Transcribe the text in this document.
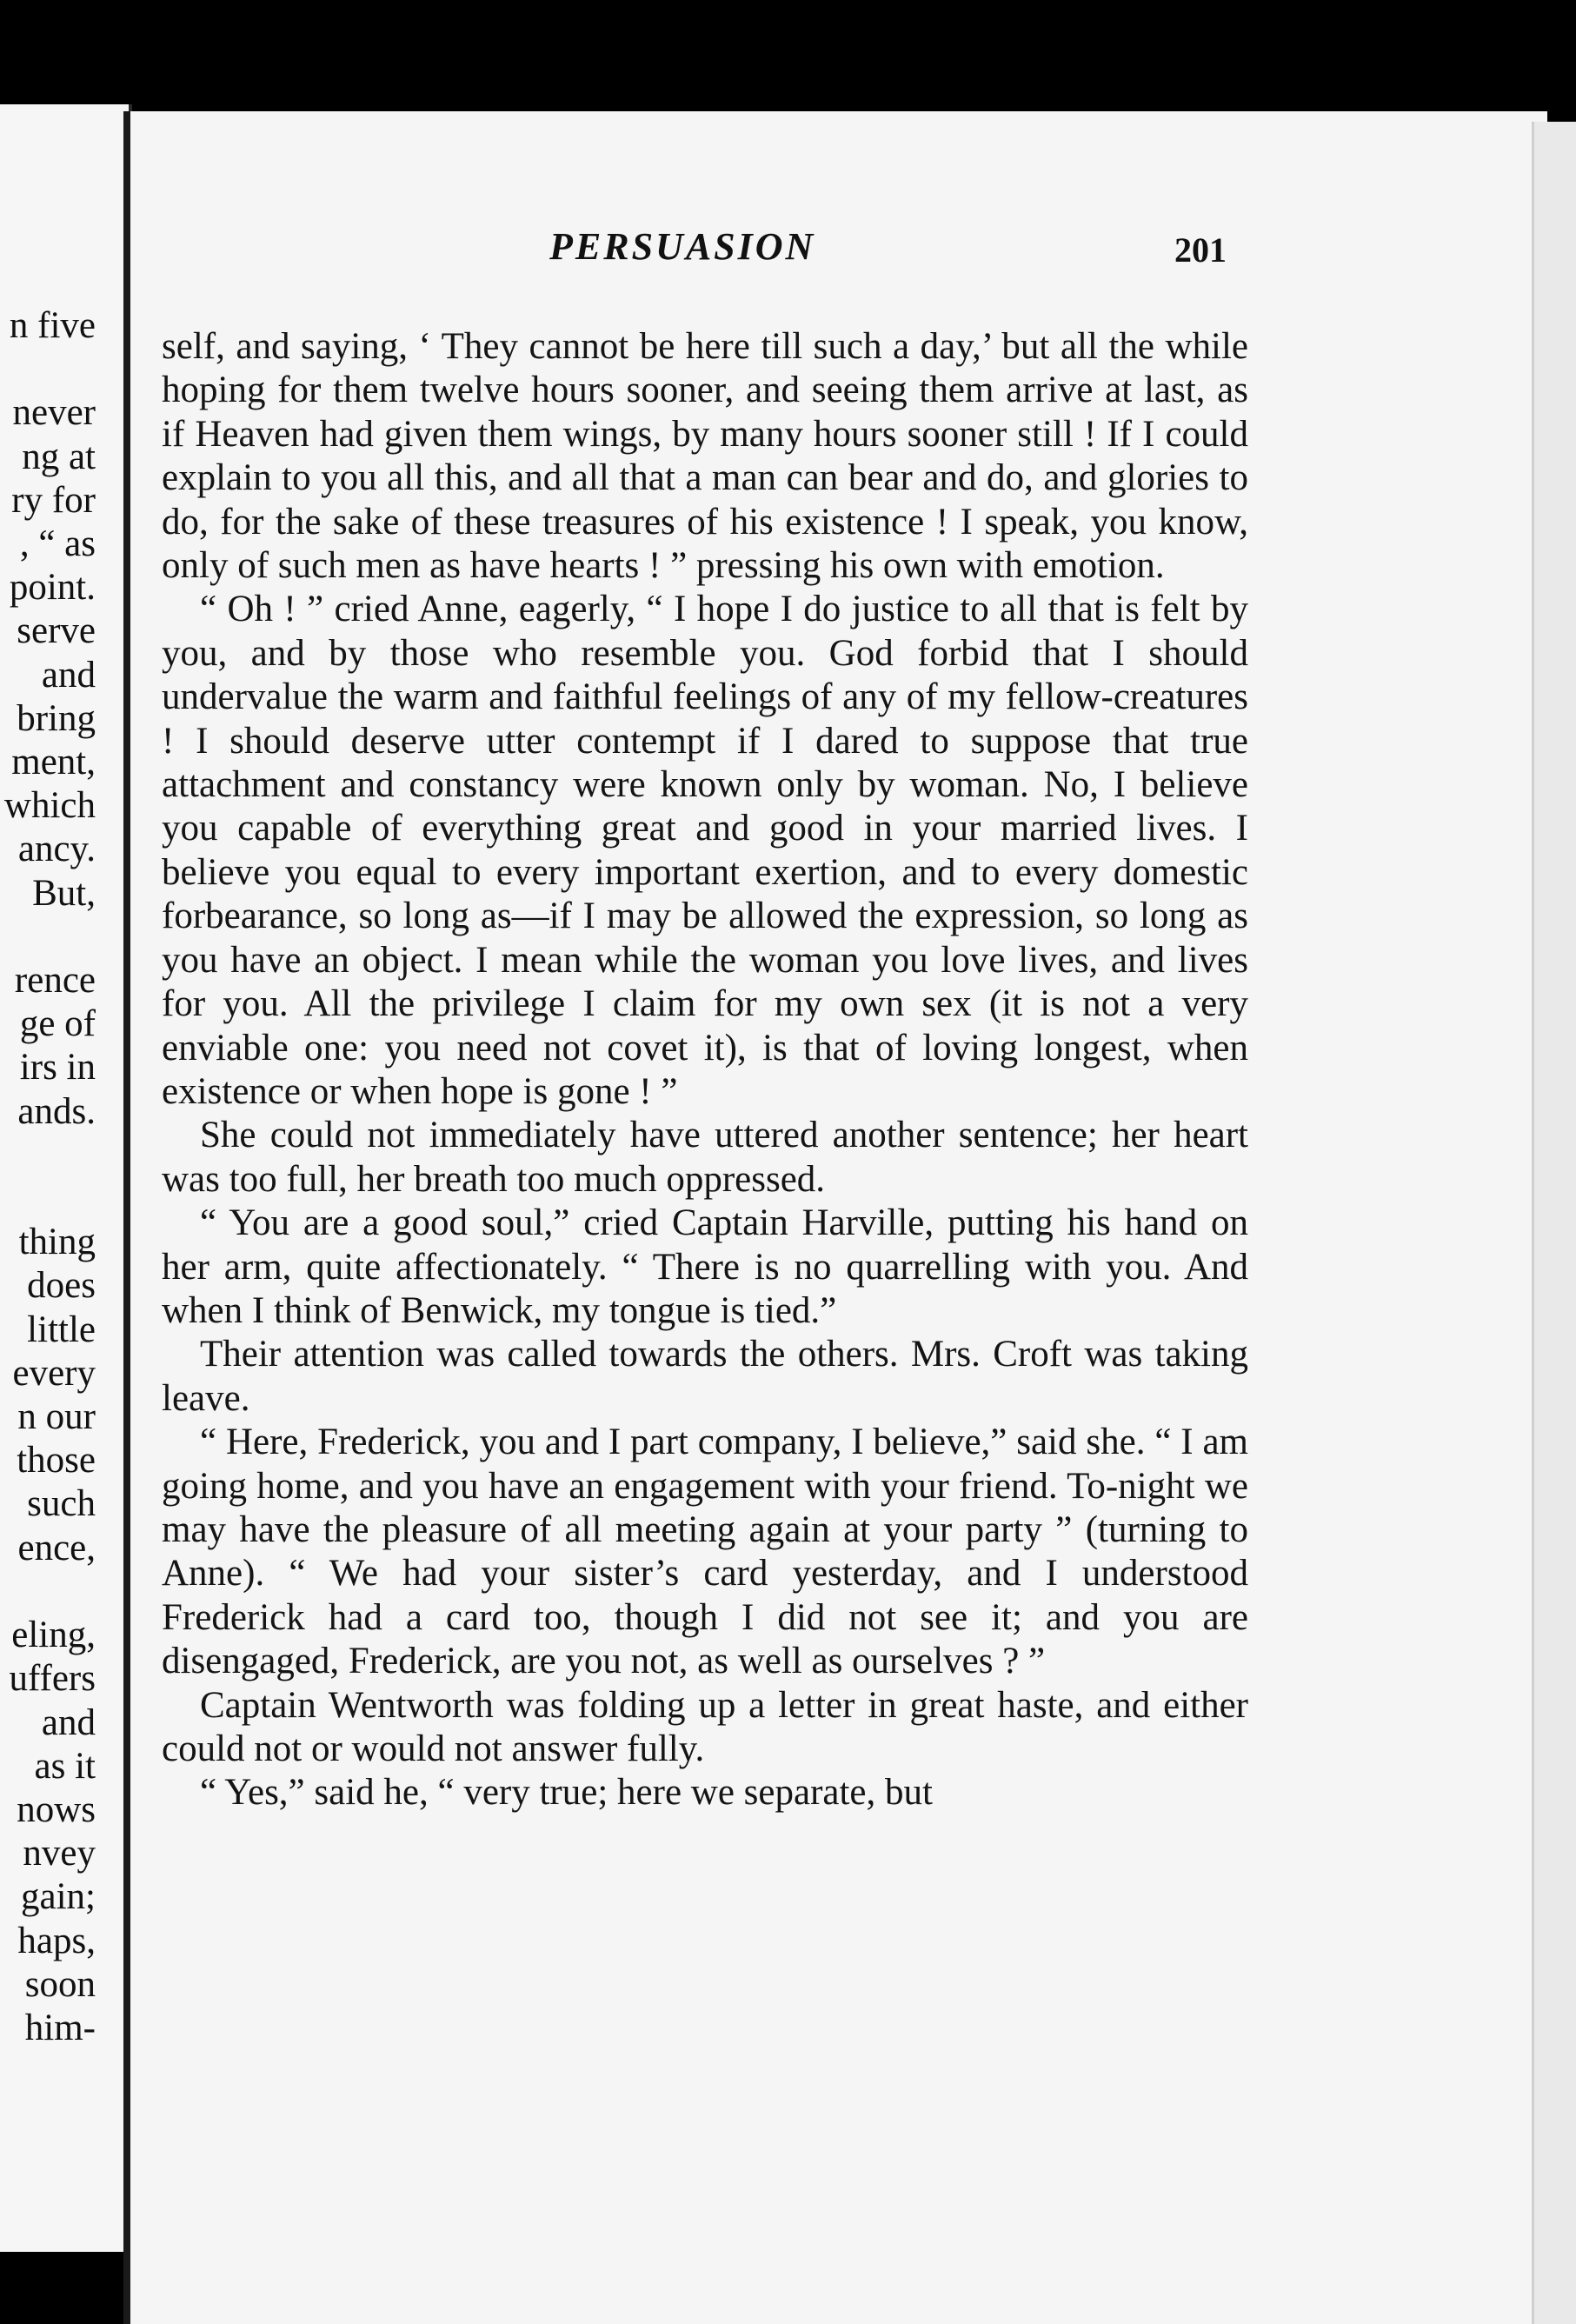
n five

never
ng at
ry for
, “ as
point.
serve
and
bring
ment,
which
ancy.
But,

rence
ge of
irs in
ands.

thing
does
little
every
n our
those
such
ence,

eling,
uffers
and
as it
nows
nvey
gain;
haps,
soon
him-
PERSUASION	201

self, and saying, ‘ They cannot be here till such a day,’ but all the while hoping for them twelve hours sooner, and seeing them arrive at last, as if Heaven had given them wings, by many hours sooner still ! If I could explain to you all this, and all that a man can bear and do, and glories to do, for the sake of these treasures of his existence ! I speak, you know, only of such men as have hearts ! ” pressing his own with emotion.

“ Oh ! ” cried Anne, eagerly, “ I hope I do justice to all that is felt by you, and by those who resemble you. God forbid that I should undervalue the warm and faithful feelings of any of my fellow-creatures ! I should deserve utter contempt if I dared to suppose that true attachment and constancy were known only by woman. No, I believe you capable of everything great and good in your married lives. I believe you equal to every important exertion, and to every domestic forbearance, so long as—if I may be allowed the expression, so long as you have an object. I mean while the woman you love lives, and lives for you. All the privilege I claim for my own sex (it is not a very enviable one: you need not covet it), is that of loving longest, when existence or when hope is gone ! ”

She could not immediately have uttered another sentence; her heart was too full, her breath too much oppressed.

“ You are a good soul,” cried Captain Harville, putting his hand on her arm, quite affectionately. “ There is no quarrelling with you. And when I think of Benwick, my tongue is tied.”

Their attention was called towards the others. Mrs. Croft was taking leave.

“ Here, Frederick, you and I part company, I believe,” said she. “ I am going home, and you have an engagement with your friend. To-night we may have the pleasure of all meeting again at your party ” (turning to Anne). “ We had your sister’s card yesterday, and I understood Frederick had a card too, though I did not see it; and you are disengaged, Frederick, are you not, as well as ourselves ? ”

Captain Wentworth was folding up a letter in great haste, and either could not or would not answer fully.

“ Yes,” said he, “ very true; here we separate, but
